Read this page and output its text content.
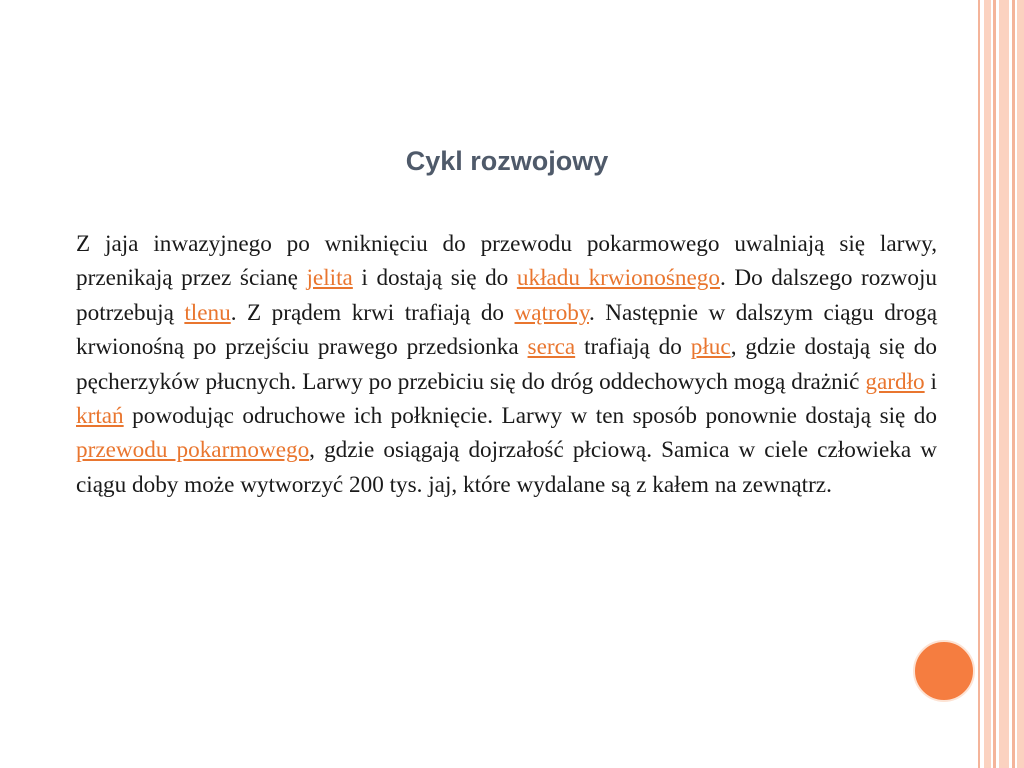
Cykl rozwojowy

Z jaja inwazyjnego po wniknięciu do przewodu pokarmowego uwalniają się larwy, przenikają przez ścianę jelita i dostają się do układu krwionośnego. Do dalszego rozwoju potrzebują tlenu. Z prądem krwi trafiają do wątroby. Następnie w dalszym ciągu drogą krwionośną po przejściu prawego przedsionka serca trafiają do płuc, gdzie dostają się do pęcherzyków płucnych. Larwy po przebiciu się do dróg oddechowych mogą drażnić gardło i krtań powodując odruchowe ich połknięcie. Larwy w ten sposób ponownie dostają się do przewodu pokarmowego, gdzie osiągają dojrzałość płciową. Samica w ciele człowieka w ciągu doby może wytworzyć 200 tys. jaj, które wydalane są z kałem na zewnątrz.
